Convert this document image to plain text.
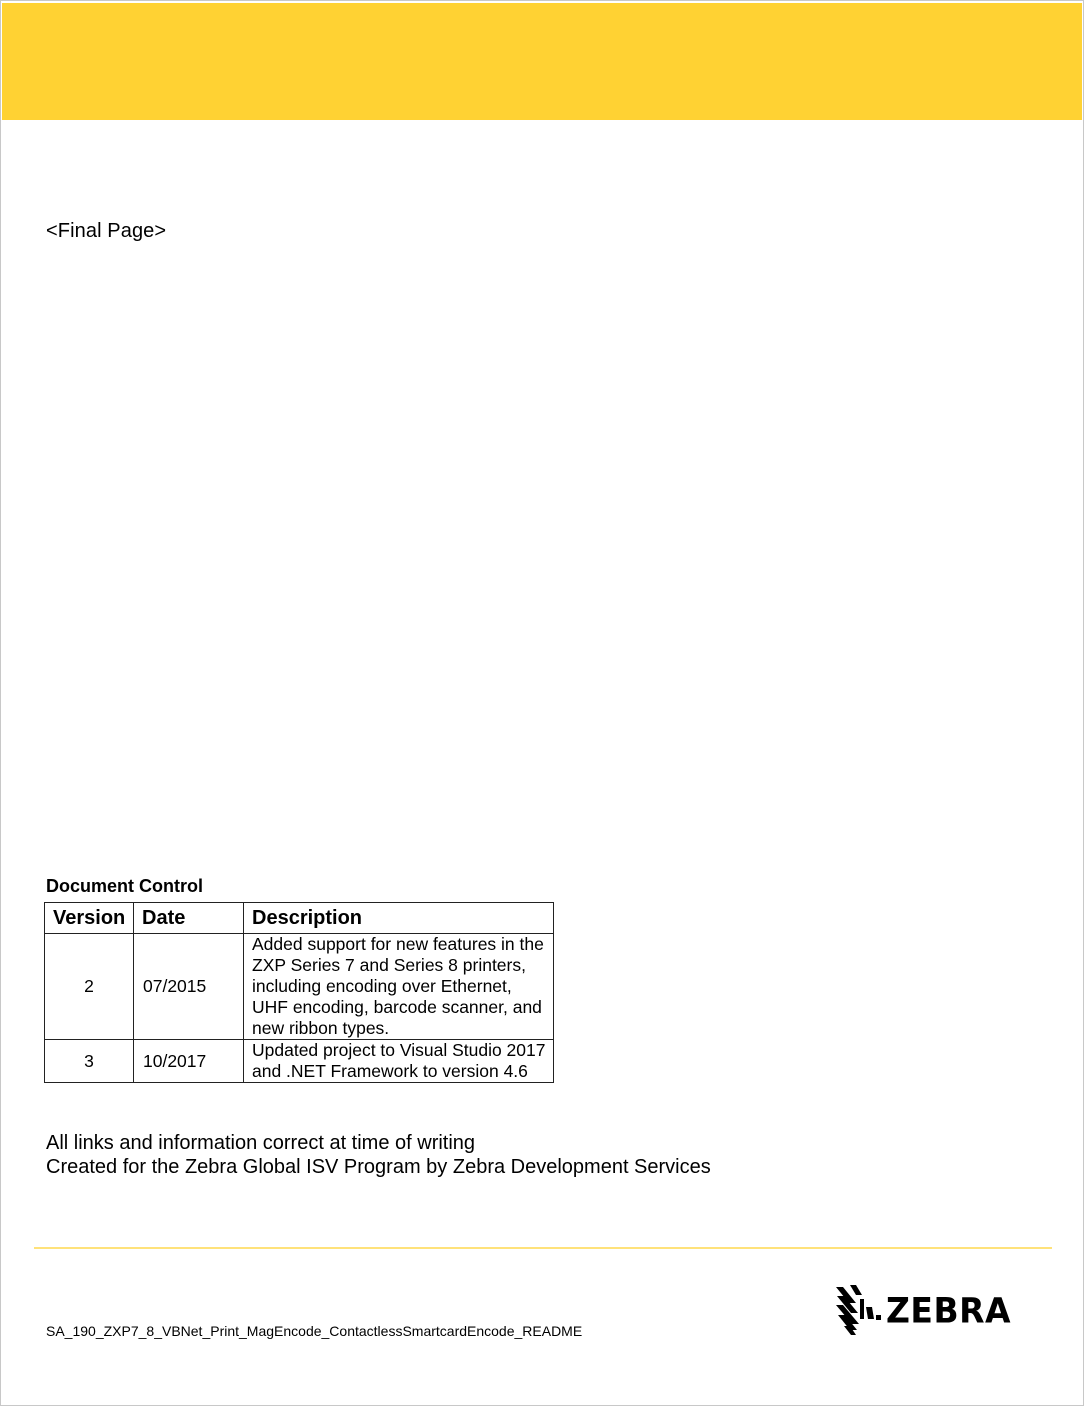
<Final Page>
Document Control
Version	Date	Description
2	07/2015	Added support for new features in the ZXP Series 7 and Series 8 printers, including encoding over Ethernet, UHF encoding, barcode scanner, and new ribbon types.
3	10/2017	Updated project to Visual Studio 2017 and .NET Framework to version 4.6
All links and information correct at time of writing
Created for the Zebra Global ISV Program by Zebra Development Services
SA_190_ZXP7_8_VBNet_Print_MagEncode_ContactlessSmartcardEncode_README
ZEBRA
